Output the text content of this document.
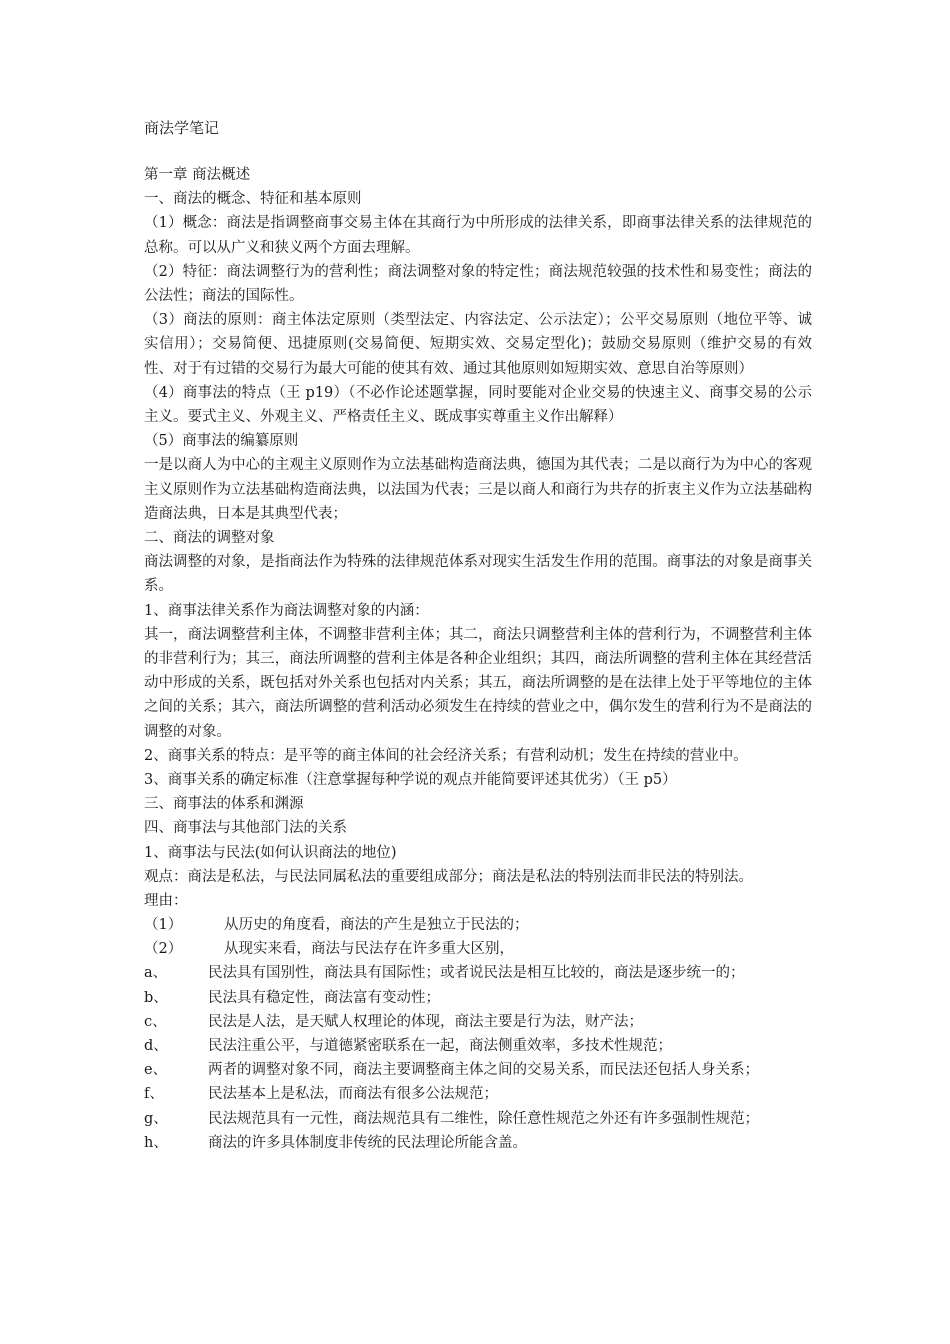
商法学笔记
第一章 商法概述
一、商法的概念、特征和基本原则
（1）概念：商法是指调整商事交易主体在其商行为中所形成的法律关系，即商事法律关系的法律规范的总称。可以从广义和狭义两个方面去理解。
（2）特征：商法调整行为的营利性；商法调整对象的特定性；商法规范较强的技术性和易变性；商法的公法性；商法的国际性。
（3）商法的原则：商主体法定原则（类型法定、内容法定、公示法定）；公平交易原则（地位平等、诚实信用）；交易简便、迅捷原则(交易简便、短期实效、交易定型化)；鼓励交易原则（维护交易的有效性、对于有过错的交易行为最大可能的使其有效、通过其他原则如短期实效、意思自治等原则）
（4）商事法的特点（王 p19）（不必作论述题掌握，同时要能对企业交易的快速主义、商事交易的公示主义。要式主义、外观主义、严格责任主义、既成事实尊重主义作出解释）
（5）商事法的编纂原则
一是以商人为中心的主观主义原则作为立法基础构造商法典，德国为其代表；二是以商行为为中心的客观主义原则作为立法基础构造商法典，以法国为代表；三是以商人和商行为共存的折衷主义作为立法基础构造商法典，日本是其典型代表；
二、商法的调整对象
商法调整的对象，是指商法作为特殊的法律规范体系对现实生活发生作用的范围。商事法的对象是商事关系。
1、商事法律关系作为商法调整对象的内涵：
其一，商法调整营利主体，不调整非营利主体；其二，商法只调整营利主体的营利行为，不调整营利主体的非营利行为；其三，商法所调整的营利主体是各种企业组织；其四，商法所调整的营利主体在其经营活动中形成的关系，既包括对外关系也包括对内关系；其五，商法所调整的是在法律上处于平等地位的主体之间的关系；其六，商法所调整的营利活动必须发生在持续的营业之中，偶尔发生的营利行为不是商法的调整的对象。
2、商事关系的特点：是平等的商主体间的社会经济关系；有营利动机；发生在持续的营业中。
3、商事关系的确定标准（注意掌握每种学说的观点并能简要评述其优劣）（王 p5）
三、商事法的体系和渊源
四、商事法与其他部门法的关系
1、商事法与民法(如何认识商法的地位)
观点：商法是私法，与民法同属私法的重要组成部分；商法是私法的特别法而非民法的特别法。
理由：
（1）	从历史的角度看，商法的产生是独立于民法的；
（2）	从现实来看，商法与民法存在许多重大区别，
a、	民法具有国别性，商法具有国际性；或者说民法是相互比较的，商法是逐步统一的；
b、	民法具有稳定性，商法富有变动性；
c、	民法是人法，是天赋人权理论的体现，商法主要是行为法，财产法；
d、	民法注重公平，与道德紧密联系在一起，商法侧重效率，多技术性规范；
e、	两者的调整对象不同，商法主要调整商主体之间的交易关系，而民法还包括人身关系；
f、	民法基本上是私法，而商法有很多公法规范；
g、	民法规范具有一元性，商法规范具有二维性，除任意性规范之外还有许多强制性规范；
h、	商法的许多具体制度非传统的民法理论所能含盖。
